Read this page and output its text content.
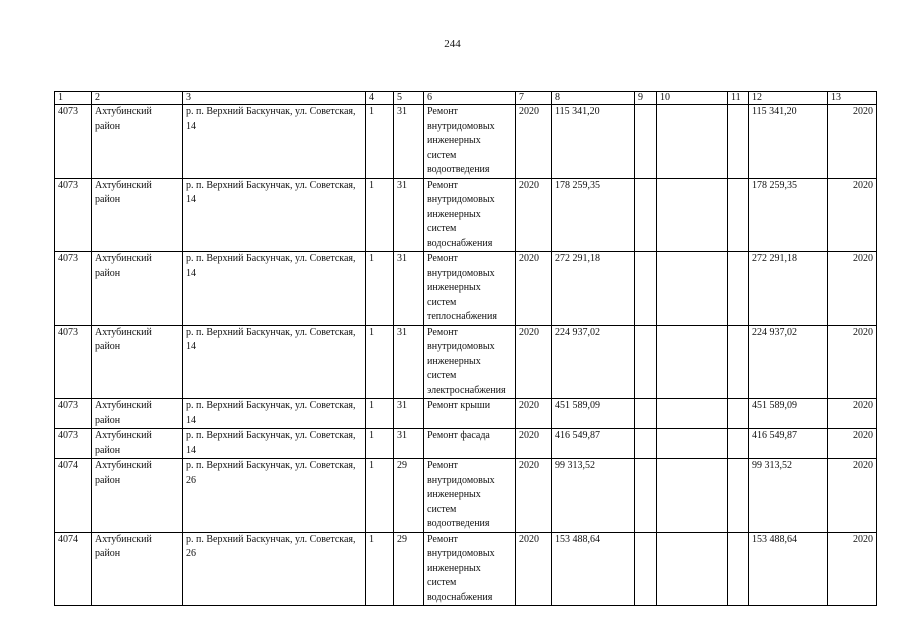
244
1	2	3	4	5	6	7	8	9	10	11	12	13
4073	Ахтубинский район	р. п. Верхний Баскунчак, ул. Советская, 14	1	31	Ремонт внутридомовых инженерных систем водоотведения	2020	115 341,20				115 341,20	2020
4073	Ахтубинский район	р. п. Верхний Баскунчак, ул. Советская, 14	1	31	Ремонт внутридомовых инженерных систем водоснабжения	2020	178 259,35				178 259,35	2020
4073	Ахтубинский район	р. п. Верхний Баскунчак, ул. Советская, 14	1	31	Ремонт внутридомовых инженерных систем теплоснабжения	2020	272 291,18				272 291,18	2020
4073	Ахтубинский район	р. п. Верхний Баскунчак, ул. Советская, 14	1	31	Ремонт внутридомовых инженерных систем электроснабжения	2020	224 937,02				224 937,02	2020
4073	Ахтубинский район	р. п. Верхний Баскунчак, ул. Советская, 14	1	31	Ремонт крыши	2020	451 589,09				451 589,09	2020
4073	Ахтубинский район	р. п. Верхний Баскунчак, ул. Советская, 14	1	31	Ремонт фасада	2020	416 549,87				416 549,87	2020
4074	Ахтубинский район	р. п. Верхний Баскунчак, ул. Советская, 26	1	29	Ремонт внутридомовых инженерных систем водоотведения	2020	99 313,52				99 313,52	2020
4074	Ахтубинский район	р. п. Верхний Баскунчак, ул. Советская, 26	1	29	Ремонт внутридомовых инженерных систем водоснабжения	2020	153 488,64				153 488,64	2020
